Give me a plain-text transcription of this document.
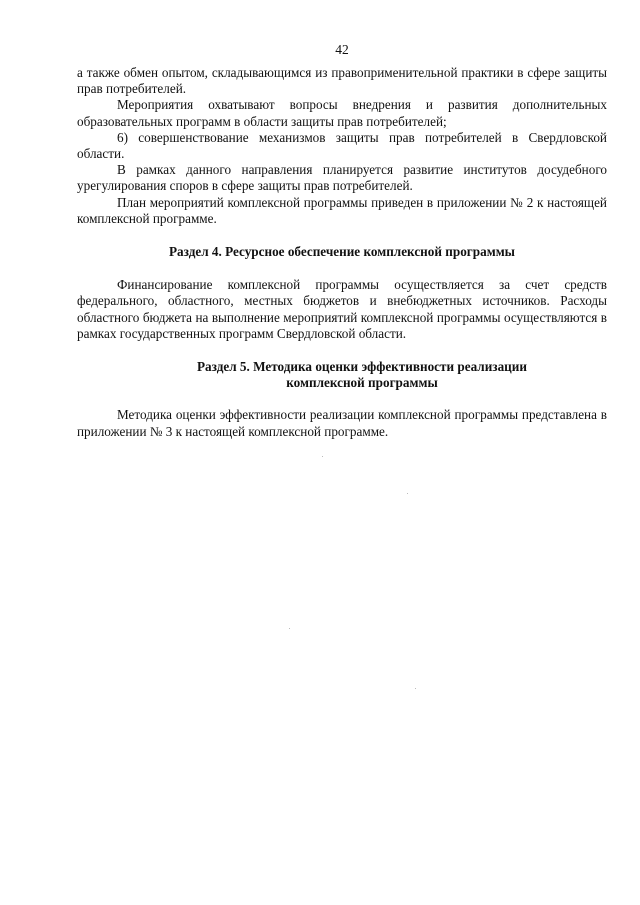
42

а также обмен опытом, складывающимся из правоприменительной практики в сфере защиты прав потребителей.

Мероприятия охватывают вопросы внедрения и развития дополнительных образовательных программ в области защиты прав потребителей;

6) совершенствование механизмов защиты прав потребителей в Свердловской области.

В рамках данного направления планируется развитие институтов досудебного урегулирования споров в сфере защиты прав потребителей.

План мероприятий комплексной программы приведен в приложении № 2 к настоящей комплексной программе.

Раздел 4. Ресурсное обеспечение комплексной программы

Финансирование комплексной программы осуществляется за счет средств федерального, областного, местных бюджетов и внебюджетных источников. Расходы областного бюджета на выполнение мероприятий комплексной программы осуществляются в рамках государственных программ Свердловской области.

Раздел 5. Методика оценки эффективности реализации
комплексной программы

Методика оценки эффективности реализации комплексной программы представлена в приложении № 3 к настоящей комплексной программе.
